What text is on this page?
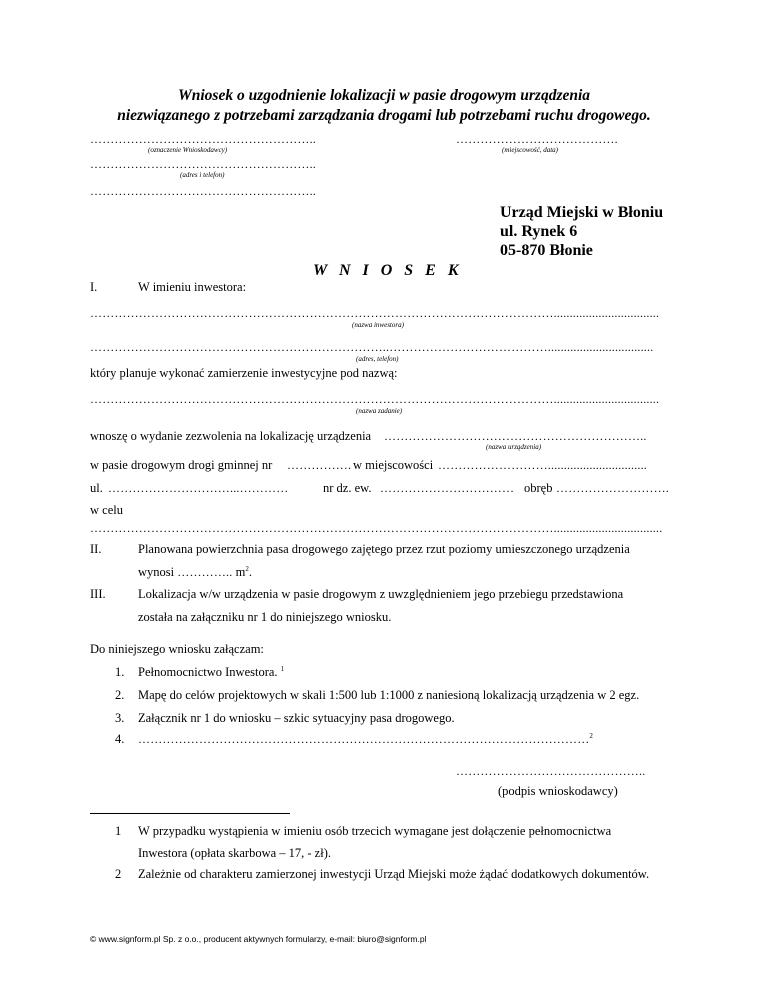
Wniosek o uzgodnienie lokalizacji w pasie drogowym urządzenia
niezwiązanego z potrzebami zarządzania drogami lub potrzebami ruchu drogowego.
………………………………………………..
(oznaczenie Wnioskodawcy)
………………………………….
(miejscowość, data)
………………………………………………..
(adres i telefon)
………………………………………………..
Urząd Miejski w Błoniu
ul. Rynek 6
05-870 Błonie
W N I O S E K
I.	W imieniu inwestora:
…………………………………………………………………………………………………….................................
(nazwa inwestora)
………………………………………………………………..………………………………….................................
(adres, telefon)
który planuje wykonać zamierzenie inwestycyjne pod nazwą:
…………………………………………………………………………………………………….................................
(nazwa zadanie)
wnoszę o wydanie zezwolenia na lokalizację urządzenia ………………………………………………………..
(nazwa urządzenia)
w pasie drogowym drogi gminnej nr ……………. w miejscowości ………………………...............................
ul. …………………………...…………	nr dz. ew. …………………………… obręb ……………………….
w celu
……………………………………………………………………………………………………..................................
II.	Planowana powierzchnia pasa drogowego zajętego przez rzut poziomy umieszczonego urządzenia
wynosi ………….. $m^2$.
III.	Lokalizacja w/w urządzenia w pasie drogowym z uwzględnieniem jego przebiegu przedstawiona
została na załączniku nr 1 do niniejszego wniosku.
Do niniejszego wniosku załączam:
1. Pełnomocnictwo Inwestora. $^1$
2. Mapę do celów projektowych w skali 1:500 lub 1:1000 z naniesioną lokalizacją urządzenia w 2 egz.
3. Załącznik nr 1 do wniosku – szkic sytuacyjny pasa drogowego.
4. …………………………………………………………………………………………………$^2$
………………………………………..
(podpis wnioskodawcy)
1 W przypadku wystąpienia w imieniu osób trzecich wymagane jest dołączenie pełnomocnictwa
Inwestora (opłata skarbowa – 17, - zł).
2 Zależnie od charakteru zamierzonej inwestycji Urząd Miejski może żądać dodatkowych dokumentów.
© www.signform.pl Sp. z o.o., producent aktywnych formularzy, e-mail: biuro@signform.pl
